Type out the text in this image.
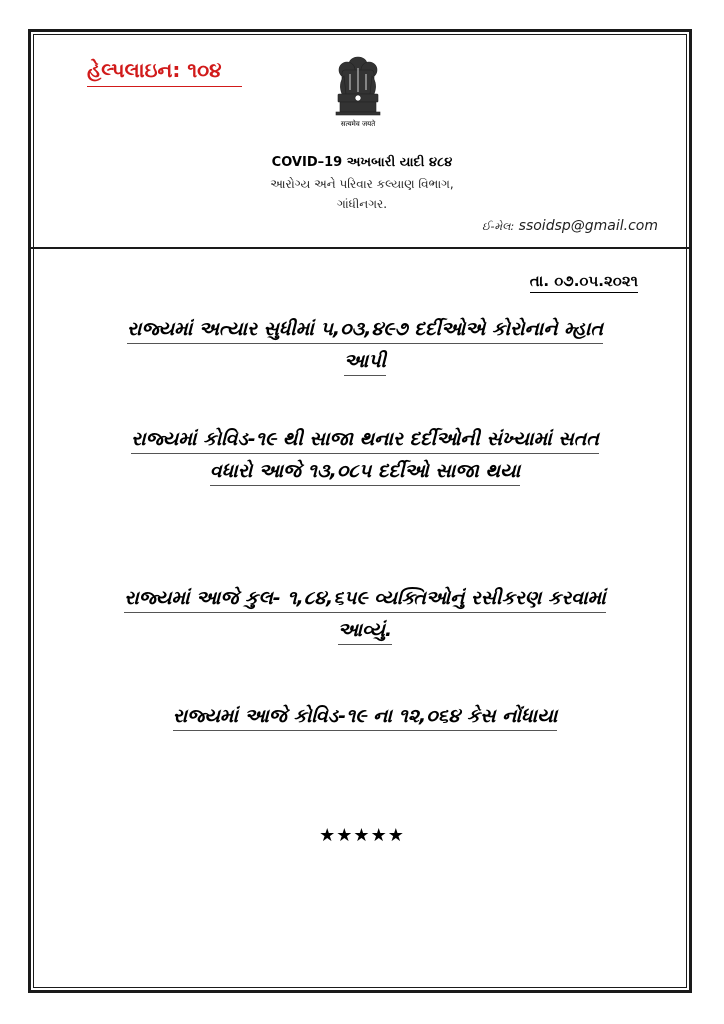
હેલ્પલાઇન: ૧૦૪
सत्यमेव जयते
COVID–19 અખબારી યાદી ૪૮૪
આરોગ્ય અને પરિવાર કલ્યાણ વિભાગ,
ગાંધીનગર.
ઈ-મેલ: ssoidsp@gmail.com
તા. ૦૭.૦૫.૨૦૨૧
રાજ્યમાં અત્યાર સુધીમાં ૫,૦૩,૪૯૭ દર્દીઓએ કોરોનાને મ્હાત
આપી
રાજ્યમાં કોવિડ-૧૯ થી સાજા થનાર દર્દીઓની સંખ્યામાં સતત
વધારો આજે ૧૩,૦૮૫ દર્દીઓ સાજા થયા
રાજ્યમાં આજે કુલ- ૧,૮૪,૬૫૯ વ્યક્તિઓનું રસીકરણ કરવામાં
આવ્યું.
રાજ્યમાં આજે કોવિડ-૧૯ ના ૧૨,૦૬૪ કેસ નોંધાયા
★★★★★
